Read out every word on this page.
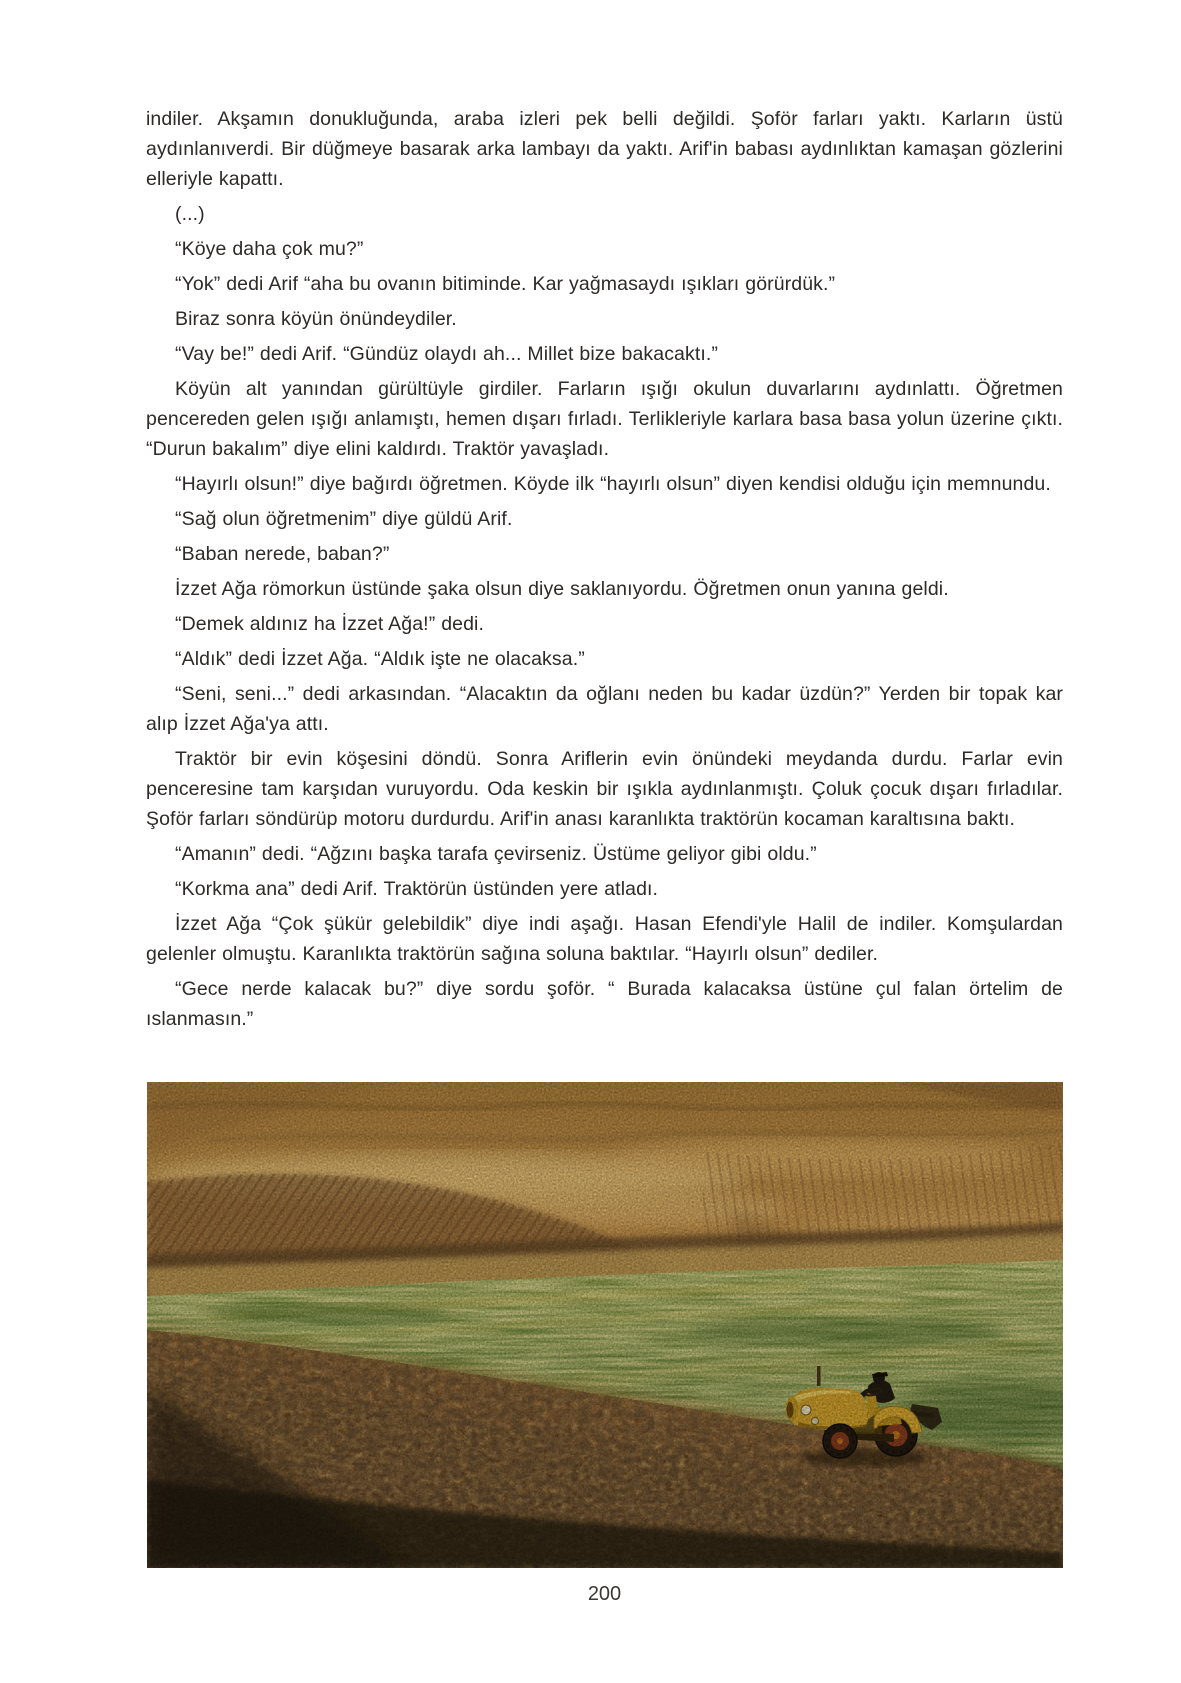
indiler. Akşamın donukluğunda, araba izleri pek belli değildi. Şoför farları yaktı. Karların üstü aydınlanıverdi. Bir düğmeye basarak arka lambayı da yaktı. Arif'in babası aydınlıktan kamaşan gözlerini elleriyle kapattı.

(...)

“Köye daha çok mu?”

“Yok” dedi Arif “aha bu ovanın bitiminde. Kar yağmasaydı ışıkları görürdük.”

Biraz sonra köyün önündeydiler.

“Vay be!” dedi Arif. “Gündüz olaydı ah... Millet bize bakacaktı.”

Köyün alt yanından gürültüyle girdiler. Farların ışığı okulun duvarlarını aydınlattı. Öğretmen pencereden gelen ışığı anlamıştı, hemen dışarı fırladı. Terlikleriyle karlara basa basa yolun üzerine çıktı. “Durun bakalım” diye elini kaldırdı. Traktör yavaşladı.

“Hayırlı olsun!” diye bağırdı öğretmen. Köyde ilk “hayırlı olsun” diyen kendisi olduğu için memnundu.

“Sağ olun öğretmenim” diye güldü Arif.

“Baban nerede, baban?”

İzzet Ağa römorkun üstünde şaka olsun diye saklanıyordu. Öğretmen onun yanına geldi.

“Demek aldınız ha İzzet Ağa!” dedi.

“Aldık” dedi İzzet Ağa. “Aldık işte ne olacaksa.”

“Seni, seni...” dedi arkasından. “Alacaktın da oğlanı neden bu kadar üzdün?” Yerden bir topak kar alıp İzzet Ağa'ya attı.

Traktör bir evin köşesini döndü. Sonra Ariflerin evin önündeki meydanda durdu. Farlar evin penceresine tam karşıdan vuruyordu. Oda keskin bir ışıkla aydınlanmıştı. Çoluk çocuk dışarı fırladılar. Şoför farları söndürüp motoru durdurdu. Arif'in anası karanlıkta traktörün kocaman karaltısına baktı.

“Amanın” dedi. “Ağzını başka tarafa çevirseniz. Üstüme geliyor gibi oldu.”

“Korkma ana” dedi Arif. Traktörün üstünden yere atladı.

İzzet Ağa “Çok şükür gelebildik” diye indi aşağı. Hasan Efendi'yle Halil de indiler. Komşulardan gelenler olmuştu. Karanlıkta traktörün sağına soluna baktılar. “Hayırlı olsun” dediler.

“Gece nerde kalacak bu?” diye sordu şoför. “ Burada kalacaksa üstüne çul falan örtelim de ıslanmasın.”

200
